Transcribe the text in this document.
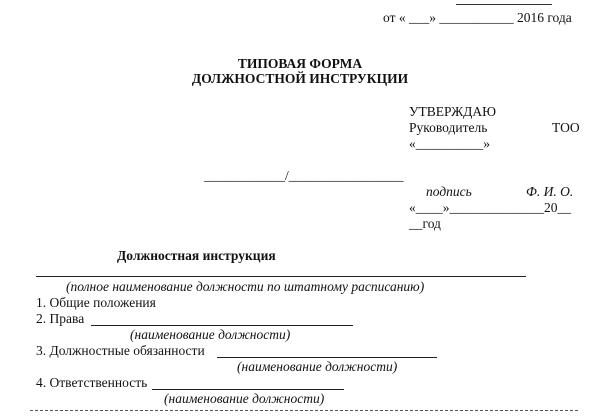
от « ___» ___________ 2016 года
ТИПОВАЯ ФОРМА
ДОЛЖНОСТНОЙ ИНСТРУКЦИИ
УТВЕРЖДАЮ
Руководитель	ТОО
«__________»
____________/_________________
подпись	Ф. И. О.
«____»______________20__
__год
Должностная инструкция
(полное наименование должности по штатному расписанию)
1. Общие положения
2. Права
(наименование должности)
3. Должностные обязанности
(наименование должности)
4. Ответственность
(наименование должности)
